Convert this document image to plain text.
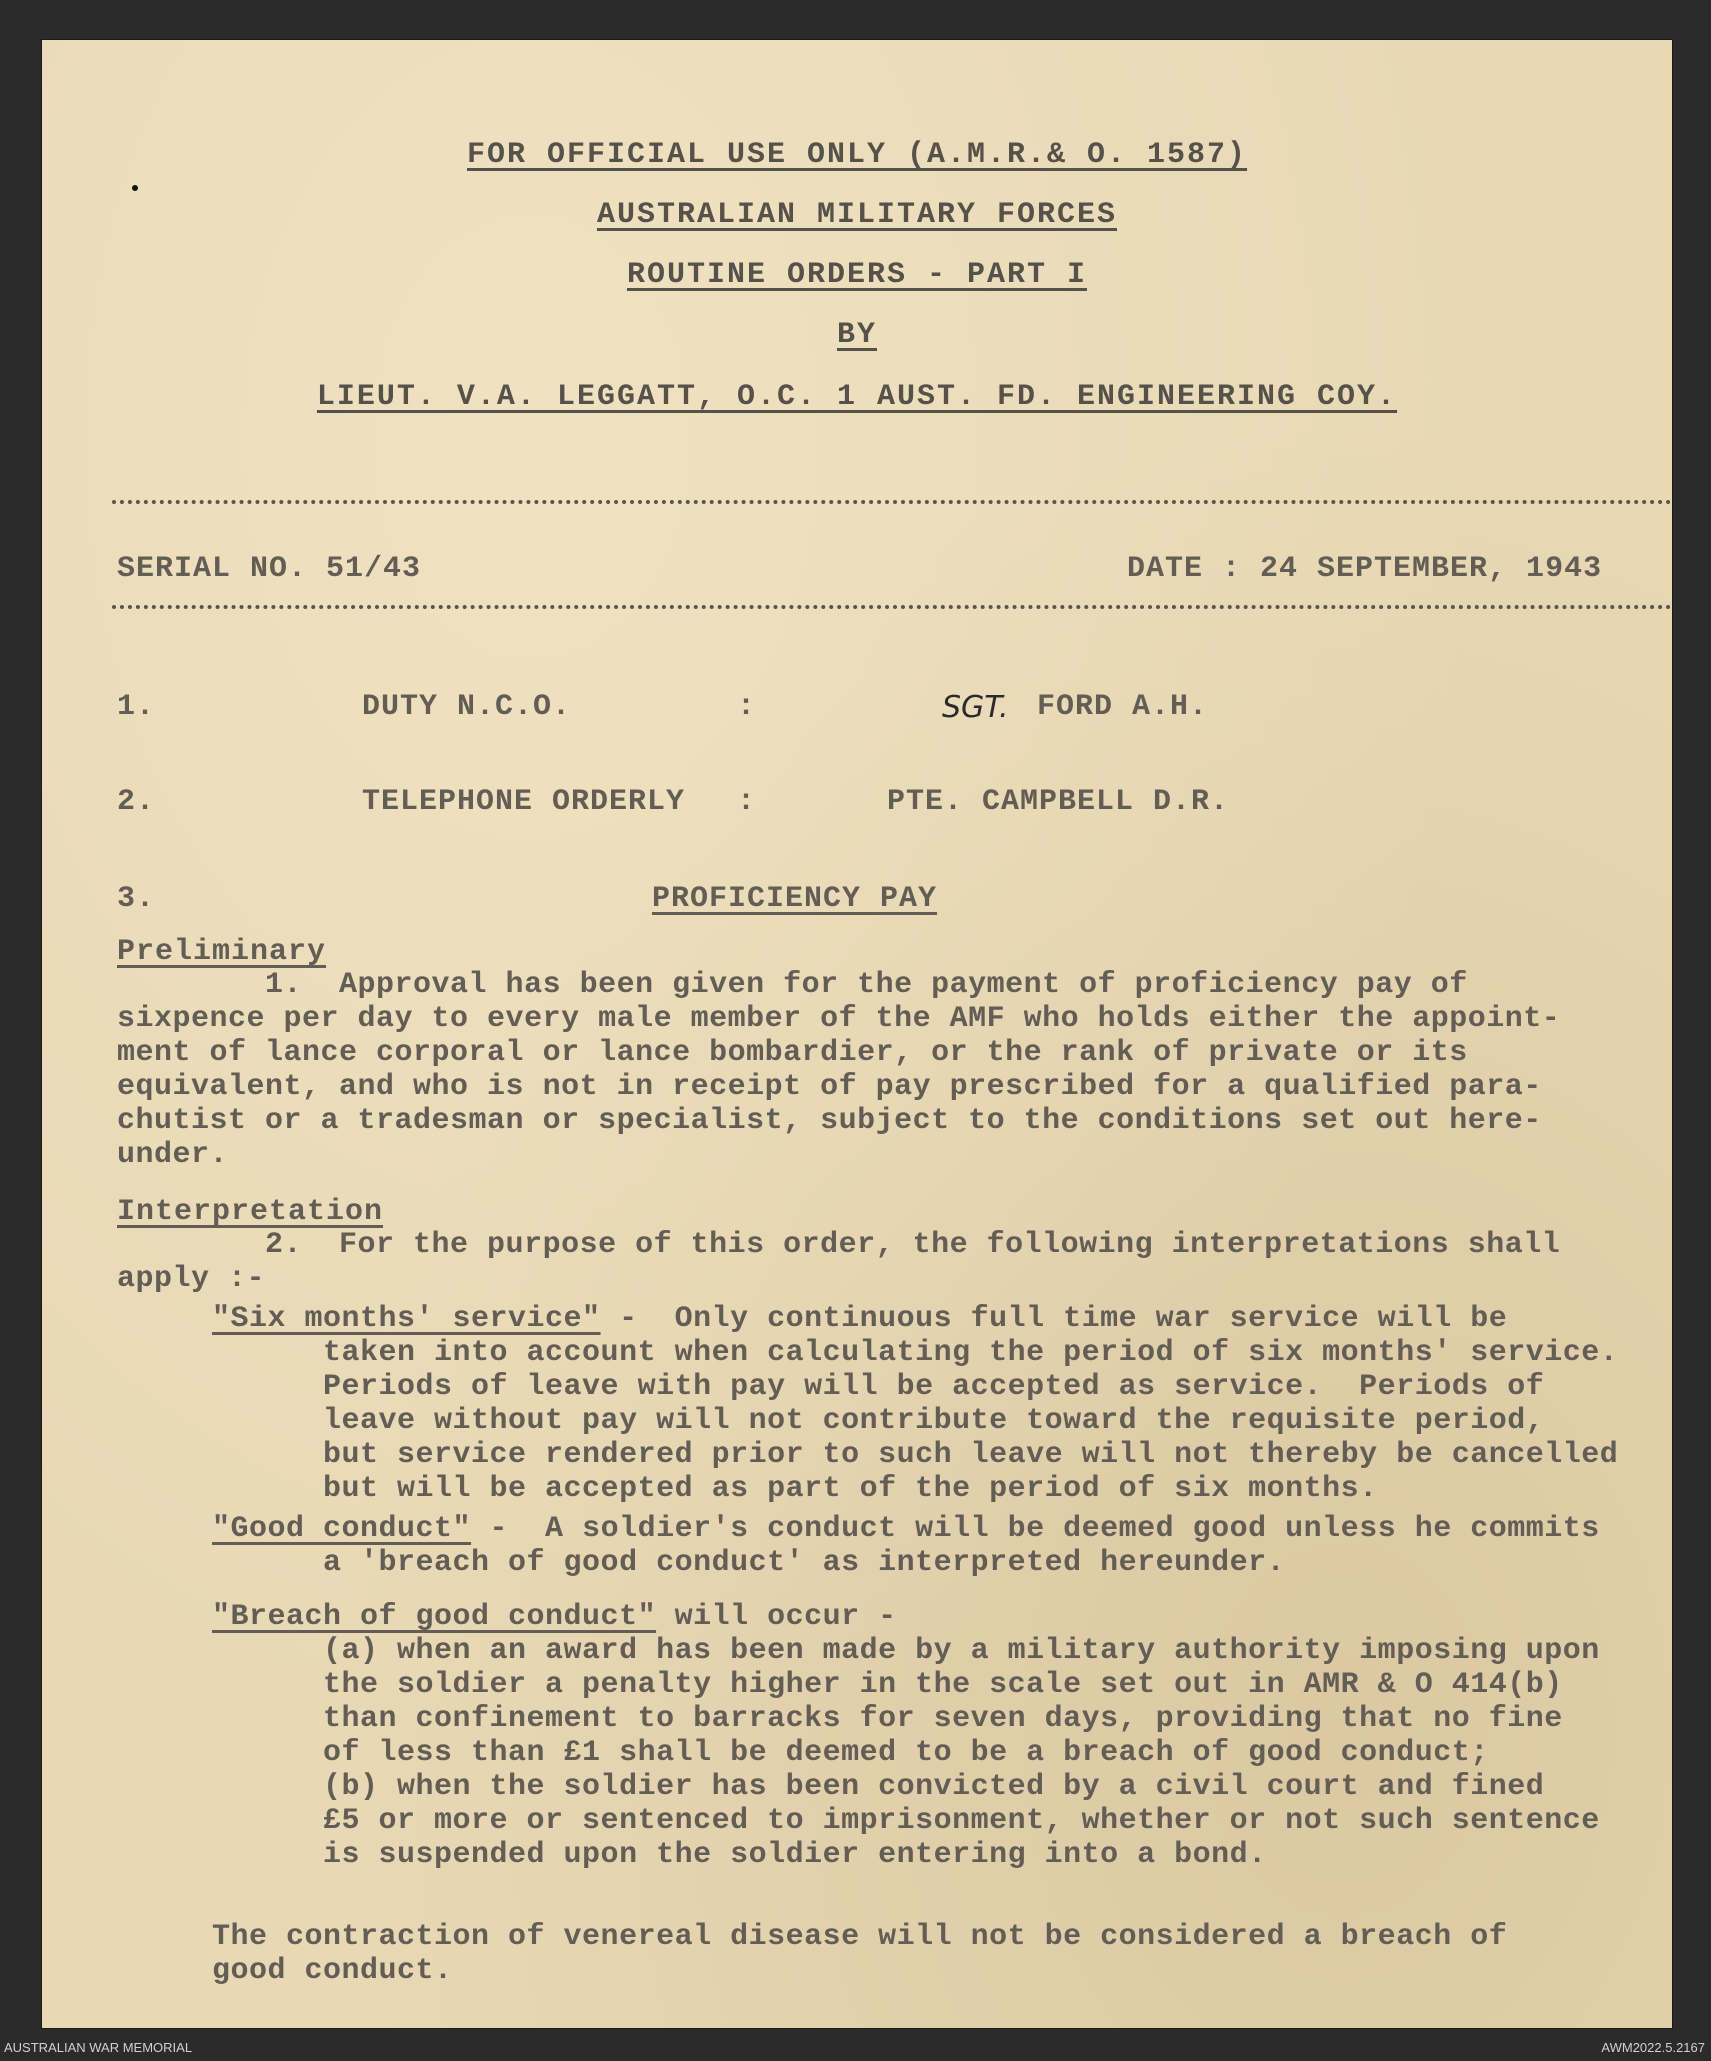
FOR OFFICIAL USE ONLY (A.M.R.& O. 1587)
AUSTRALIAN MILITARY FORCES
ROUTINE ORDERS - PART I
BY
LIEUT. V.A. LEGGATT, O.C. 1 AUST. FD. ENGINEERING COY.
SERIAL NO. 51/43	DATE : 24 SEPTEMBER, 1943
1.	DUTY N.C.O.	:	SGT. FORD A.H.
2.	TELEPHONE ORDERLY :	PTE. CAMPBELL D.R.
3.	PROFICIENCY PAY
Preliminary
1.  Approval has been given for the payment of proficiency pay of
sixpence per day to every male member of the AMF who holds either the appoint-
ment of lance corporal or lance bombardier, or the rank of private or its
equivalent, and who is not in receipt of pay prescribed for a qualified para-
chutist or a tradesman or specialist, subject to the conditions set out here-
under.
Interpretation
2.  For the purpose of this order, the following interpretations shall
apply :-
"Six months' service" -  Only continuous full time war service will be
taken into account when calculating the period of six months' service.
Periods of leave with pay will be accepted as service.  Periods of
leave without pay will not contribute toward the requisite period,
but service rendered prior to such leave will not thereby be cancelled
but will be accepted as part of the period of six months.
"Good conduct" -  A soldier's conduct will be deemed good unless he commits
a 'breach of good conduct' as interpreted hereunder.
"Breach of good conduct" will occur -
(a) when an award has been made by a military authority imposing upon
the soldier a penalty higher in the scale set out in AMR & O 414(b)
than confinement to barracks for seven days, providing that no fine
of less than £1 shall be deemed to be a breach of good conduct;
(b) when the soldier has been convicted by a civil court and fined
£5 or more or sentenced to imprisonment, whether or not such sentence
is suspended upon the soldier entering into a bond.
The contraction of venereal disease will not be considered a breach of
good conduct.
AUSTRALIAN WAR MEMORIAL	AWM2022.5.2167
